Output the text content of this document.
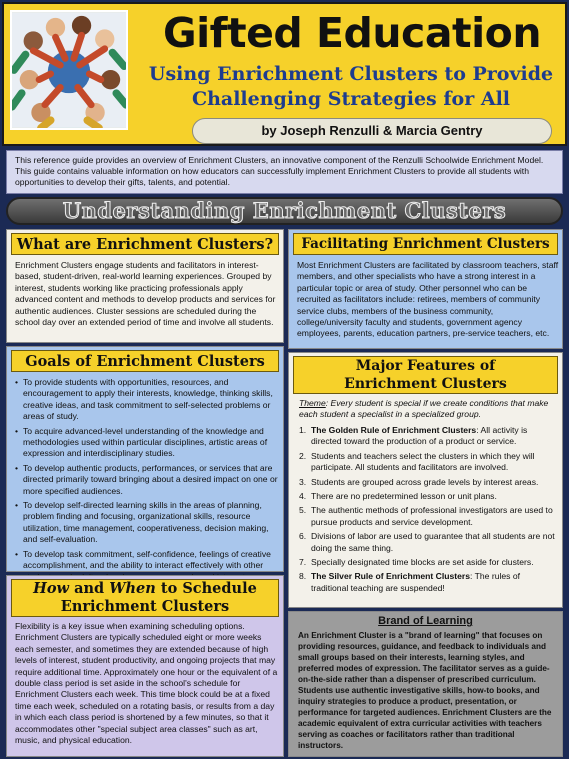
Gifted Education
Using Enrichment Clusters to Provide
Challenging Strategies for All
by Joseph Renzulli & Marcia Gentry
This reference guide provides an overview of Enrichment Clusters, an innovative component of the Renzulli Schoolwide Enrichment Model. This guide contains valuable information on how educators can successfully implement Enrichment Clusters to provide all students with opportunities to develop their gifts, talents, and potential.
Understanding Enrichment Clusters
What are Enrichment Clusters?
Enrichment Clusters engage students and facilitators in interest-based, student-driven, real-world learning experiences. Grouped by interest, students working like practicing professionals apply advanced content and methods to develop products and services for authentic audiences. Cluster sessions are scheduled during the school day over an extended period of time and involve all students.
Goals of Enrichment Clusters
• To provide students with opportunities, resources, and encouragement to apply their interests, knowledge, thinking skills, creative ideas, and task commitment to self-selected problems or areas of study.
• To acquire advanced-level understanding of the knowledge and methodologies used within particular disciplines, artistic areas of expression and interdisciplinary studies.
• To develop authentic products, performances, or services that are directed primarily toward bringing about a desired impact on one or more specified audiences.
• To develop self-directed learning skills in the areas of planning, problem finding and focusing, organizational skills, resource utilization, time management, cooperativeness, decision making, and self-evaluation.
• To develop task commitment, self-confidence, feelings of creative accomplishment, and the ability to interact effectively with other
How and When to Schedule
Enrichment Clusters
Flexibility is a key issue when examining scheduling options. Enrichment Clusters are typically scheduled eight or more weeks each semester, and sometimes they are extended because of high levels of interest, student productivity, and ongoing projects that may require additional time. Approximately one hour or the equivalent of a double class period is set aside in the school's schedule for Enrichment Clusters each week. This time block could be at a fixed time each week, scheduled on a rotating basis, or results from a day in which each class period is shortened by a few minutes, so that it accommodates other "special subject area classes" such as art, music, and physical education.
Facilitating Enrichment Clusters
Most Enrichment Clusters are facilitated by classroom teachers, staff members, and other specialists who have a strong interest in a particular topic or area of study. Other personnel who can be recruited as facilitators include: retirees, members of community service clubs, members of the business community, college/university faculty and students, government agency employees, parents, education partners, pre-service teachers, etc.
Major Features of
Enrichment Clusters
Theme: Every student is special if we create conditions that make each student a specialist in a specialized group.
1. The Golden Rule of Enrichment Clusters: All activity is directed toward the production of a product or service.
2. Students and teachers select the clusters in which they will participate. All students and facilitators are involved.
3. Students are grouped across grade levels by interest areas.
4. There are no predetermined lesson or unit plans.
5. The authentic methods of professional investigators are used to pursue products and service development.
6. Divisions of labor are used to guarantee that all students are not doing the same thing.
7. Specially designated time blocks are set aside for clusters.
8. The Silver Rule of Enrichment Clusters: The rules of traditional teaching are suspended!
Brand of Learning
An Enrichment Cluster is a "brand of learning" that focuses on providing resources, guidance, and feedback to individuals and small groups based on their interests, learning styles, and preferred modes of expression. The facilitator serves as a guide-on-the-side rather than a dispenser of prescribed curriculum. Students use authentic investigative skills, how-to books, and inquiry strategies to produce a product, presentation, or performance for targeted audiences. Enrichment Clusters are the academic equivalent of extra curricular activities with teachers serving as coaches or facilitators rather than traditional instructors.
